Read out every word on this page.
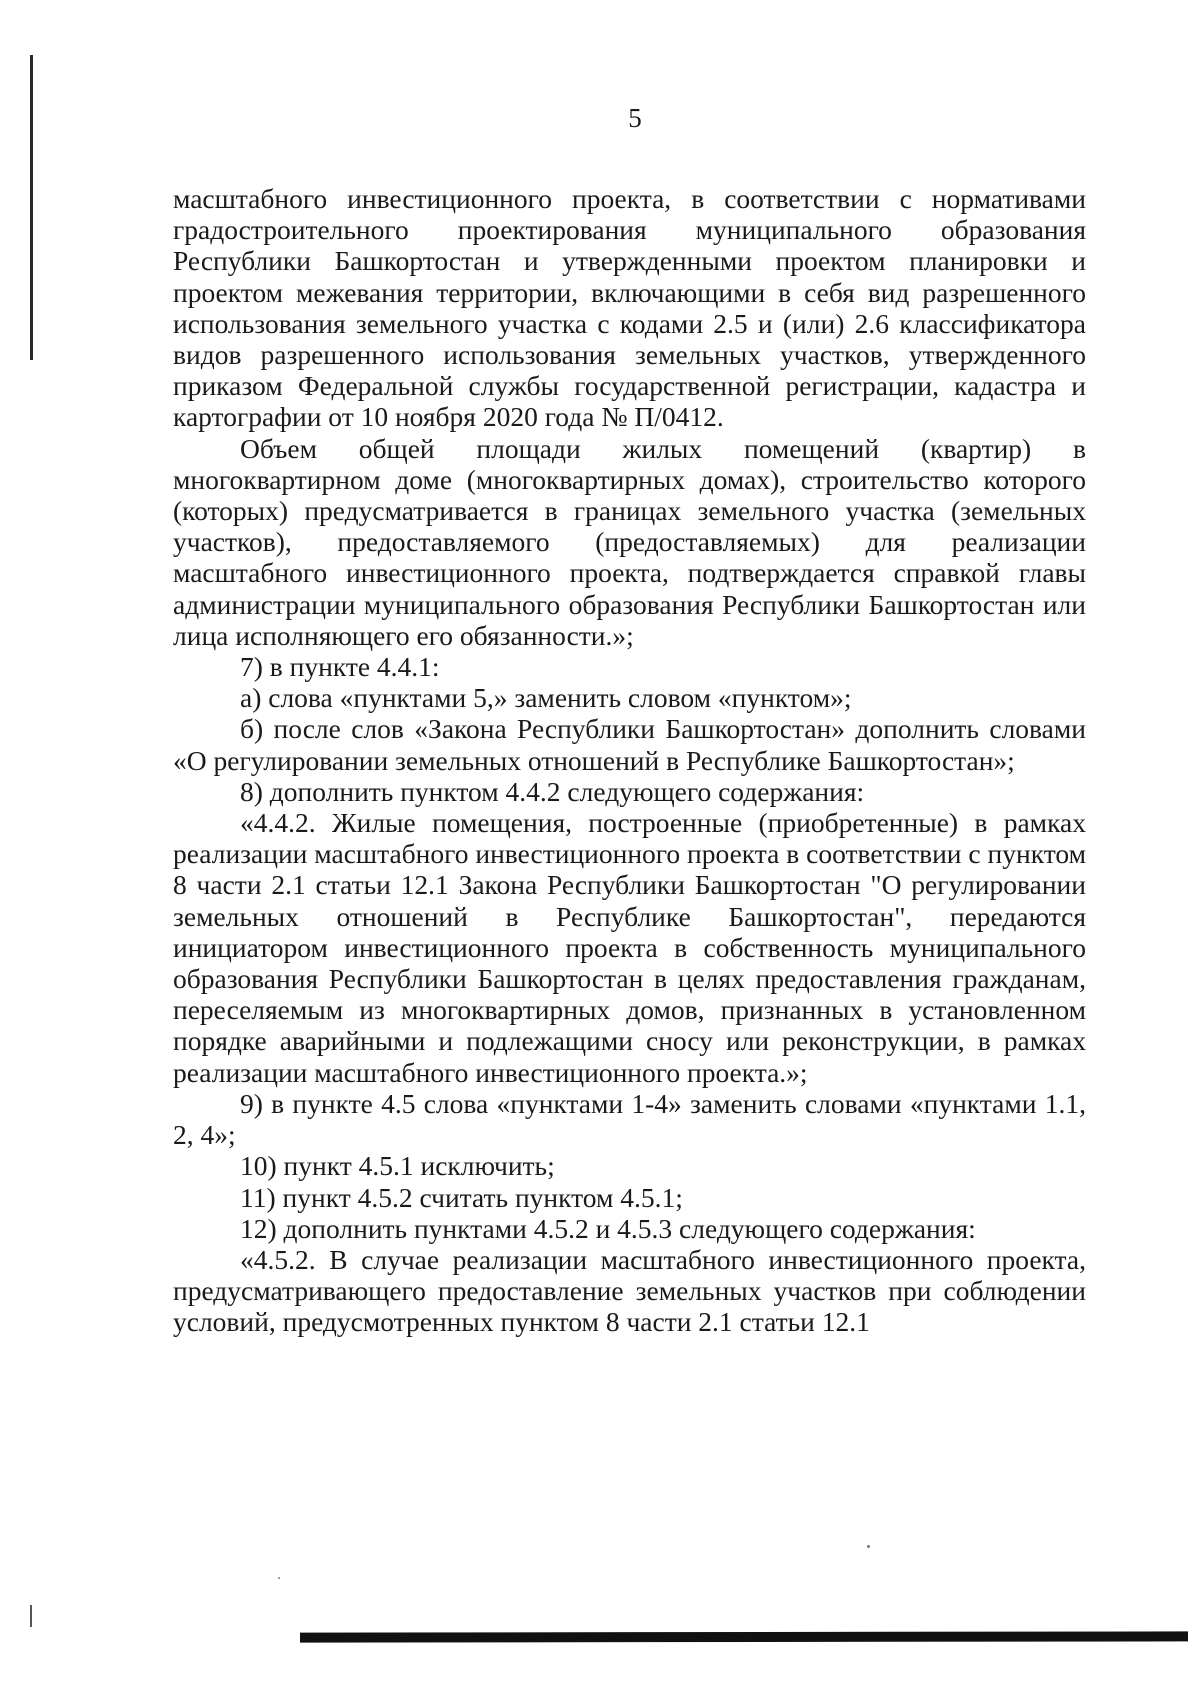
5

масштабного инвестиционного проекта, в соответствии с нормативами градостроительного проектирования муниципального образования Республики Башкортостан и утвержденными проектом планировки и проектом межевания территории, включающими в себя вид разрешенного использования земельного участка с кодами 2.5 и (или) 2.6 классификатора видов разрешенного использования земельных участков, утвержденного приказом Федеральной службы государственной регистрации, кадастра и картографии от 10 ноября 2020 года № П/0412.

Объем общей площади жилых помещений (квартир) в многоквартирном доме (многоквартирных домах), строительство которого (которых) предусматривается в границах земельного участка (земельных участков), предоставляемого (предоставляемых) для реализации масштабного инвестиционного проекта, подтверждается справкой главы администрации муниципального образования Республики Башкортостан или лица исполняющего его обязанности.»;

7) в пункте 4.4.1:

а) слова «пунктами 5,» заменить словом «пунктом»;

б) после слов «Закона Республики Башкортостан» дополнить словами «О регулировании земельных отношений в Республике Башкортостан»;

8) дополнить пунктом 4.4.2 следующего содержания:

«4.4.2. Жилые помещения, построенные (приобретенные) в рамках реализации масштабного инвестиционного проекта в соответствии с пунктом 8 части 2.1 статьи 12.1 Закона Республики Башкортостан "О регулировании земельных отношений в Республике Башкортостан", передаются инициатором инвестиционного проекта в собственность муниципального образования Республики Башкортостан в целях предоставления гражданам, переселяемым из многоквартирных домов, признанных в установленном порядке аварийными и подлежащими сносу или реконструкции, в рамках реализации масштабного инвестиционного проекта.»;

9) в пункте 4.5 слова «пунктами 1-4» заменить словами «пунктами 1.1, 2, 4»;

10) пункт 4.5.1 исключить;

11) пункт 4.5.2 считать пунктом 4.5.1;

12) дополнить пунктами 4.5.2 и 4.5.3 следующего содержания:

«4.5.2. В случае реализации масштабного инвестиционного проекта, предусматривающего предоставление земельных участков при соблюдении условий, предусмотренных пунктом 8 части 2.1 статьи 12.1
